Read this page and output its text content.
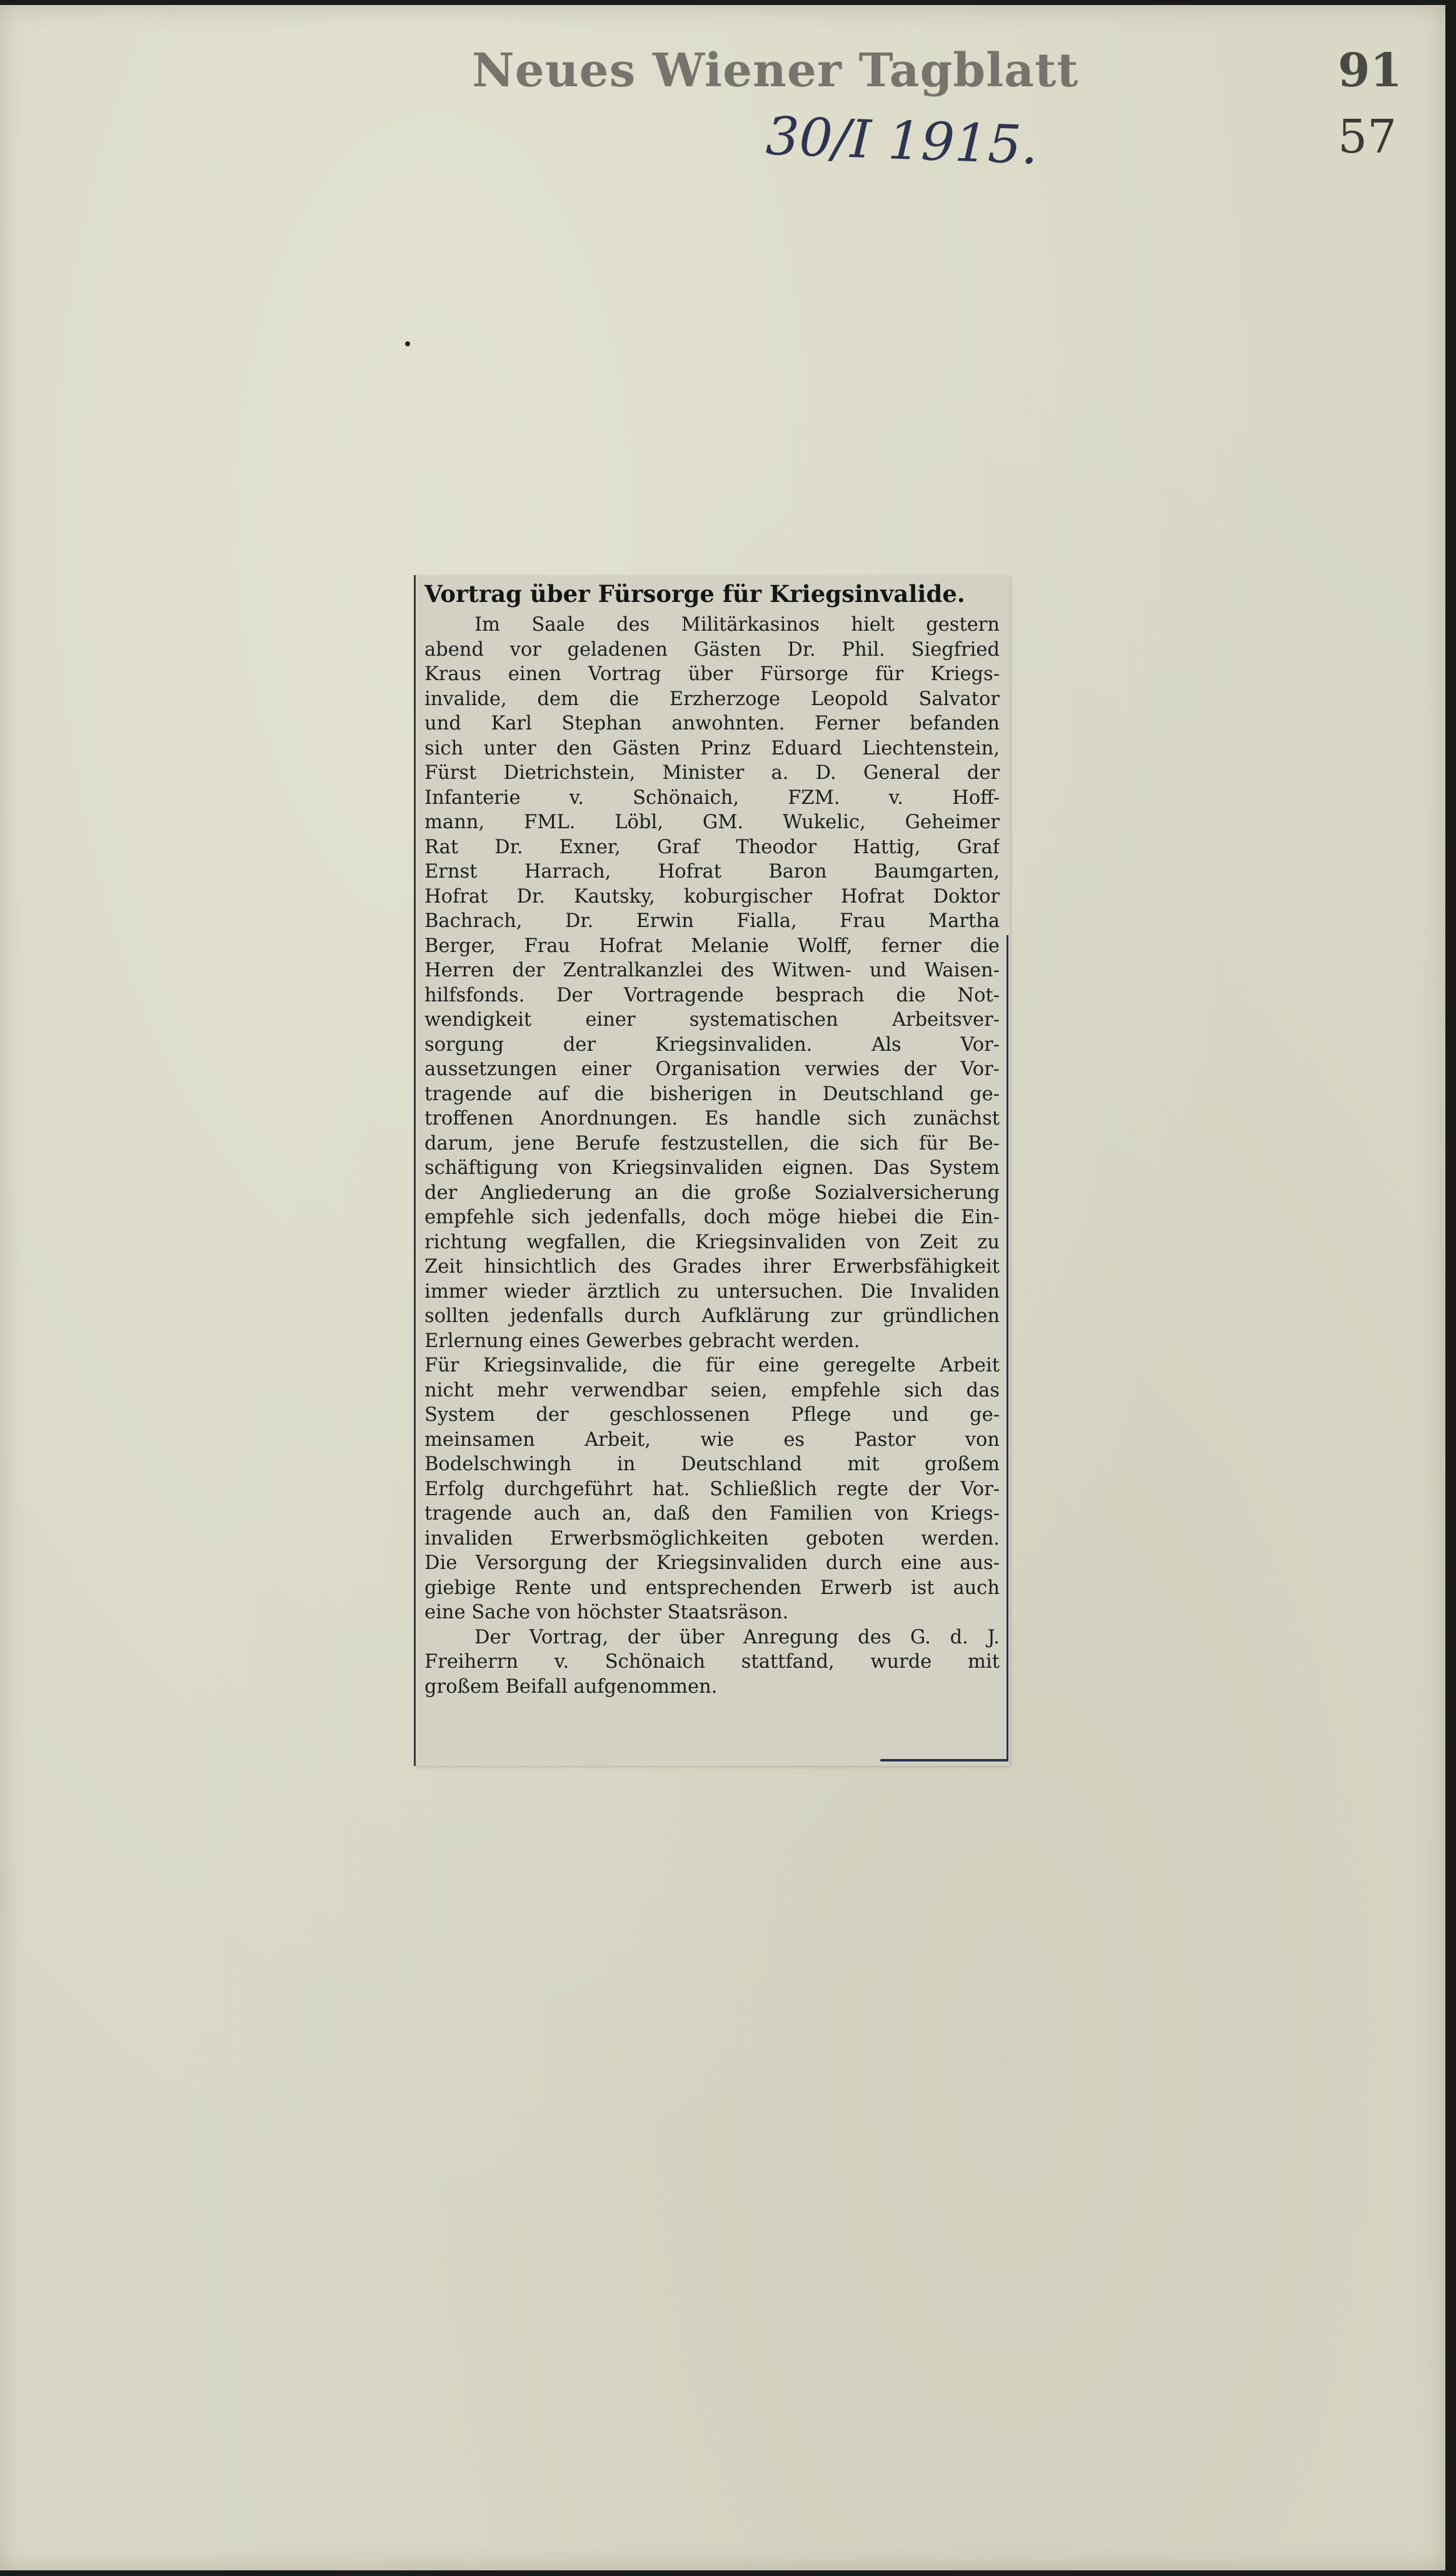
Neues Wiener Tagblatt	91
57
30/I 1915.
Vortrag über Fürsorge für Kriegsinvalide.
Im Saale des Militärkasinos hielt gestern
abend vor geladenen Gästen Dr. Phil. Siegfried
Kraus einen Vortrag über Fürsorge für Kriegs-
invalide, dem die Erzherzoge Leopold Salvator
und Karl Stephan anwohnten. Ferner befanden
sich unter den Gästen Prinz Eduard Liechtenstein,
Fürst Dietrichstein, Minister a. D. General der
Infanterie v. Schönaich, FZM. v. Hoff-
mann, FML. Löbl, GM. Wukelic, Geheimer
Rat Dr. Exner, Graf Theodor Hattig, Graf
Ernst Harrach, Hofrat Baron Baumgarten,
Hofrat Dr. Kautsky, koburgischer Hofrat Doktor
Bachrach, Dr. Erwin Fialla, Frau Martha
Berger, Frau Hofrat Melanie Wolff, ferner die
Herren der Zentralkanzlei des Witwen- und Waisen-
hilfsfonds. Der Vortragende besprach die Not-
wendigkeit einer systematischen Arbeitsver-
sorgung der Kriegsinvaliden. Als Vor-
aussetzungen einer Organisation verwies der Vor-
tragende auf die bisherigen in Deutschland ge-
troffenen Anordnungen. Es handle sich zunächst
darum, jene Berufe festzustellen, die sich für Be-
schäftigung von Kriegsinvaliden eignen. Das System
der Angliederung an die große Sozialversicherung
empfehle sich jedenfalls, doch möge hiebei die Ein-
richtung wegfallen, die Kriegsinvaliden von Zeit zu
Zeit hinsichtlich des Grades ihrer Erwerbsfähigkeit
immer wieder ärztlich zu untersuchen. Die Invaliden
sollten jedenfalls durch Aufklärung zur gründlichen
Erlernung eines Gewerbes gebracht werden.
Für Kriegsinvalide, die für eine geregelte Arbeit
nicht mehr verwendbar seien, empfehle sich das
System der geschlossenen Pflege und ge-
meinsamen Arbeit, wie es Pastor von
Bodelschwingh in Deutschland mit großem
Erfolg durchgeführt hat. Schließlich regte der Vor-
tragende auch an, daß den Familien von Kriegs-
invaliden Erwerbsmöglichkeiten geboten werden.
Die Versorgung der Kriegsinvaliden durch eine aus-
giebige Rente und entsprechenden Erwerb ist auch
eine Sache von höchster Staatsräson.
Der Vortrag, der über Anregung des G. d. J.
Freiherrn v. Schönaich stattfand, wurde mit
großem Beifall aufgenommen.
